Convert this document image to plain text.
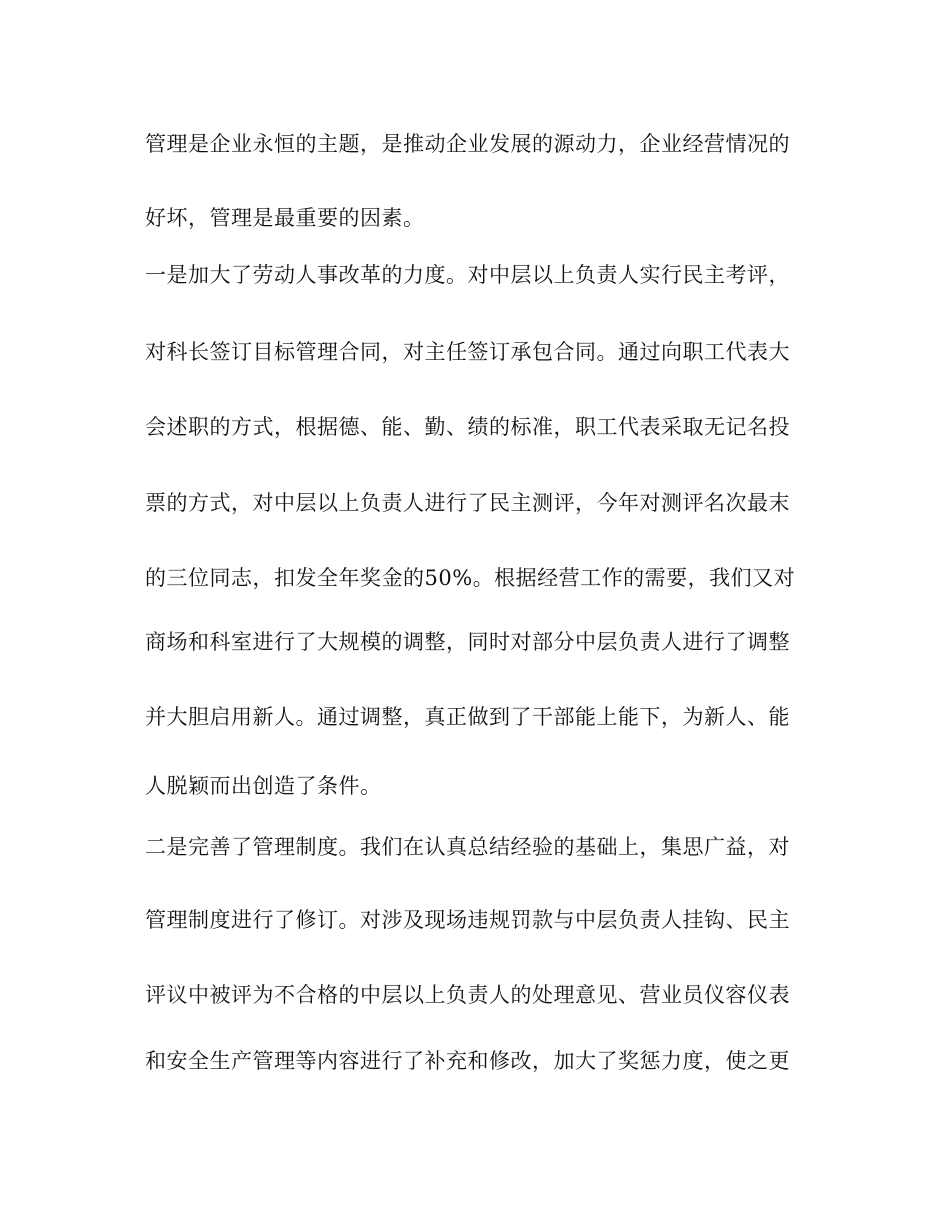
管理是企业永恒的主题，是推动企业发展的源动力，企业经营情况的
好坏，管理是最重要的因素。
一是加大了劳动人事改革的力度。对中层以上负责人实行民主考评，
对科长签订目标管理合同，对主任签订承包合同。通过向职工代表大
会述职的方式，根据德、能、勤、绩的标准，职工代表采取无记名投
票的方式，对中层以上负责人进行了民主测评，今年对测评名次最末
的三位同志，扣发全年奖金的50%。根据经营工作的需要，我们又对
商场和科室进行了大规模的调整，同时对部分中层负责人进行了调整
并大胆启用新人。通过调整，真正做到了干部能上能下，为新人、能
人脱颖而出创造了条件。
二是完善了管理制度。我们在认真总结经验的基础上，集思广益，对
管理制度进行了修订。对涉及现场违规罚款与中层负责人挂钩、民主
评议中被评为不合格的中层以上负责人的处理意见、营业员仪容仪表
和安全生产管理等内容进行了补充和修改，加大了奖惩力度，使之更
